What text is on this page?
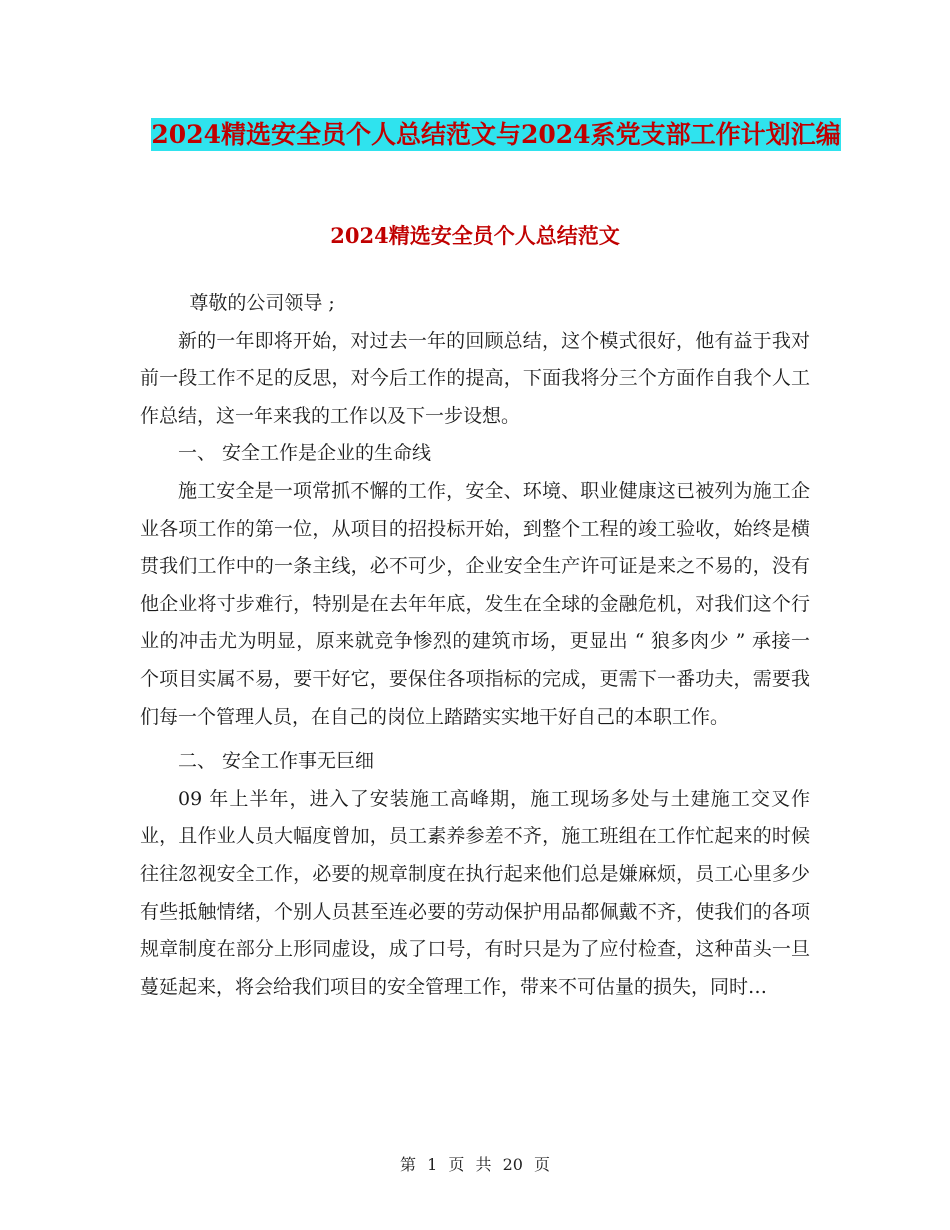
2024精选安全员个人总结范文与2024系党支部工作计划汇编
2024精选安全员个人总结范文

尊敬的公司领导 ;

新的一年即将开始，对过去一年的回顾总结，这个模式很好，他有益于我对前一段工作不足的反思，对今后工作的提高，下面我将分三个方面作自我个人工作总结，这一年来我的工作以及下一步设想。

一、 安全工作是企业的生命线

施工安全是一项常抓不懈的工作，安全、环境、职业健康这已被列为施工企业各项工作的第一位，从项目的招投标开始，到整个工程的竣工验收，始终是横贯我们工作中的一条主线，必不可少，企业安全生产许可证是来之不易的，没有他企业将寸步难行，特别是在去年年底，发生在全球的金融危机，对我们这个行业的冲击尤为明显，原来就竞争惨烈的建筑市场，更显出 “ 狼多肉少 ” 承接一个项目实属不易，要干好它，要保住各项指标的完成，更需下一番功夫，需要我们每一个管理人员，在自己的岗位上踏踏实实地干好自己的本职工作。

二、 安全工作事无巨细

09 年上半年，进入了安装施工高峰期，施工现场多处与土建施工交叉作业，且作业人员大幅度曾加，员工素养参差不齐，施工班组在工作忙起来的时候往往忽视安全工作，必要的规章制度在执行起来他们总是嫌麻烦，员工心里多少有些抵触情绪，个别人员甚至连必要的劳动保护用品都佩戴不齐，使我们的各项规章制度在部分上形同虚设，成了口号，有时只是为了应付检查，这种苗头一旦蔓延起来，将会给我们项目的安全管理工作，带来不可估量的损失，同时…

第 1 页 共 20 页
